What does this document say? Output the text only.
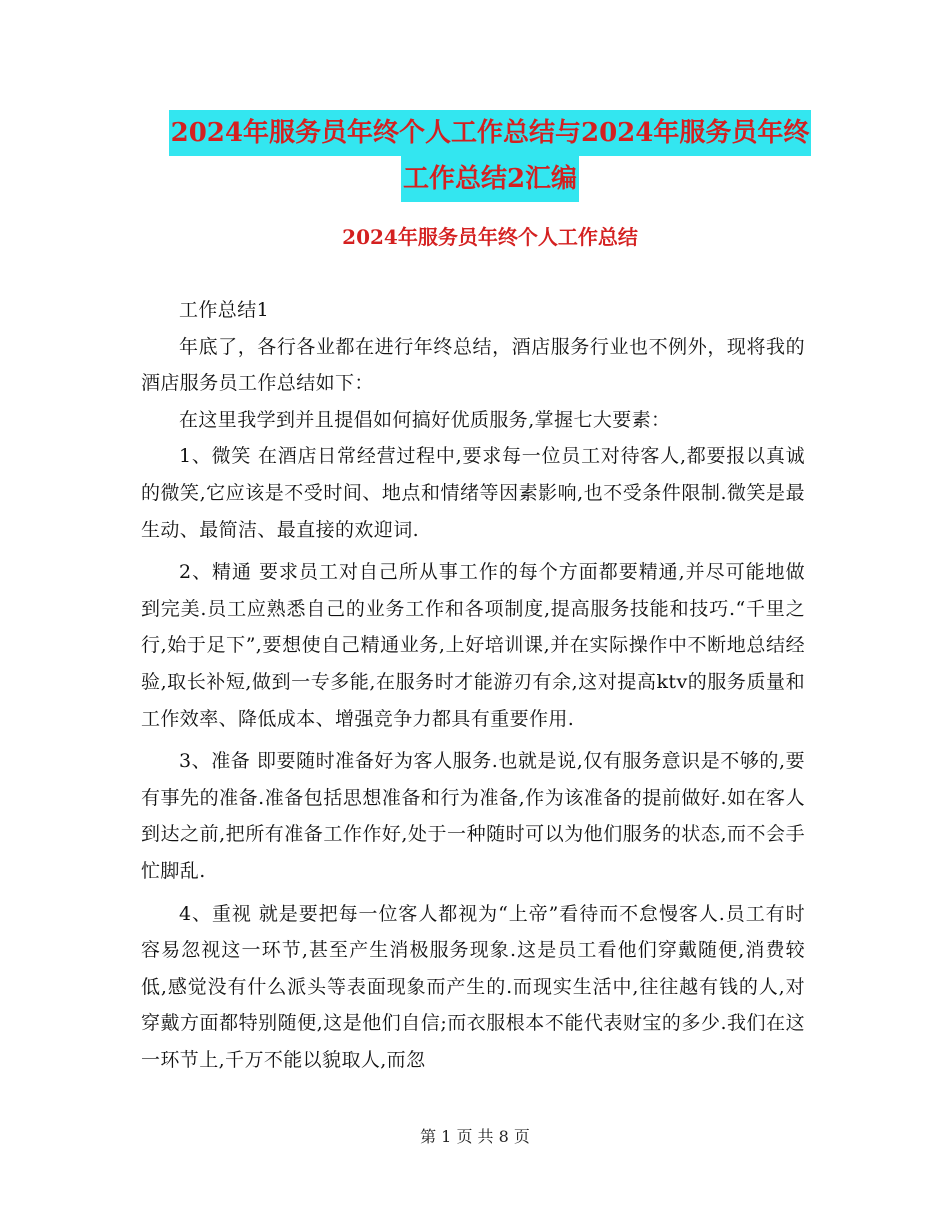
2024年服务员年终个人工作总结与2024年服务员年终
工作总结2汇编
2024年服务员年终个人工作总结

工作总结1

年底了，各行各业都在进行年终总结，酒店服务行业也不例外，现将我的酒店服务员工作总结如下：

在这里我学到并且提倡如何搞好优质服务,掌握七大要素：

1、微笑 在酒店日常经营过程中,要求每一位员工对待客人,都要报以真诚的微笑,它应该是不受时间、地点和情绪等因素影响,也不受条件限制.微笑是最生动、最简洁、最直接的欢迎词.

2、精通 要求员工对自己所从事工作的每个方面都要精通,并尽可能地做到完美.员工应熟悉自己的业务工作和各项制度,提高服务技能和技巧.“千里之行,始于足下”,要想使自己精通业务,上好培训课,并在实际操作中不断地总结经验,取长补短,做到一专多能,在服务时才能游刃有余,这对提高ktv的服务质量和工作效率、降低成本、增强竞争力都具有重要作用.

3、准备 即要随时准备好为客人服务.也就是说,仅有服务意识是不够的,要有事先的准备.准备包括思想准备和行为准备,作为该准备的提前做好.如在客人到达之前,把所有准备工作作好,处于一种随时可以为他们服务的状态,而不会手忙脚乱.

4、重视 就是要把每一位客人都视为“上帝”看待而不怠慢客人.员工有时容易忽视这一环节,甚至产生消极服务现象.这是员工看他们穿戴随便,消费较低,感觉没有什么派头等表面现象而产生的.而现实生活中,往往越有钱的人,对穿戴方面都特别随便,这是他们自信;而衣服根本不能代表财宝的多少.我们在这一环节上,千万不能以貌取人,而忽

第 1 页 共 8 页
